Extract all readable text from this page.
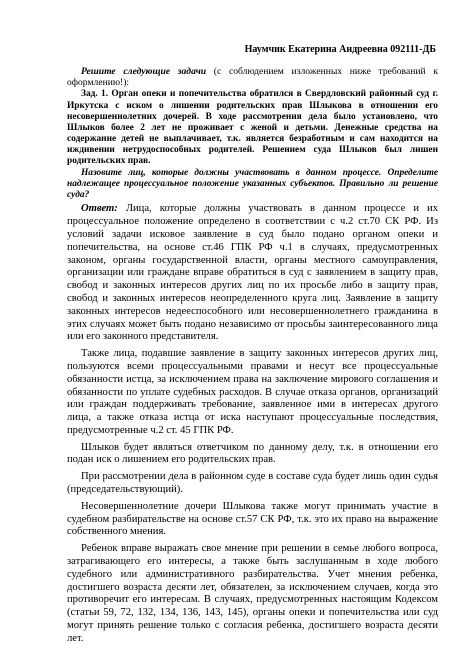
Наумчик Екатерина Андреевна 092111-ДБ

Решите следующие задачи (с соблюдением изложенных ниже требований к оформлению!):

Зад. 1. Орган опеки и попечительства обратился в Свердловский районный суд г. Иркутска с иском о лишении родительских прав Шлыкова в отношении его несовершеннолетних дочерей. В ходе рассмотрения дела было установлено, что Шлыков более 2 лет не проживает с женой и детьми. Денежные средства на содержание детей не выплачивает, т.к. является безработным и сам находится на иждивении нетрудоспособных родителей. Решением суда Шлыков был лишен родительских прав.

Назовите лиц, которые должны участвовать в данном процессе. Определите надлежащее процессуальное положение указанных субъектов. Правильно ли решение суда?

Ответ: Лица, которые должны участвовать в данном процессе и их процессуальное положение определено в соответствии с ч.2 ст.70 СК РФ. Из условий задачи исковое заявление в суд было подано органом опеки и попечительства, на основе ст.46 ГПК РФ ч.1 в случаях, предусмотренных законом, органы государственной власти, органы местного самоуправления, организации или граждане вправе обратиться в суд с заявлением в защиту прав, свобод и законных интересов других лиц по их просьбе либо в защиту прав, свобод и законных интересов неопределенного круга лиц. Заявление в защиту законных интересов недееспособного или несовершеннолетнего гражданина в этих случаях может быть подано независимо от просьбы заинтересованного лица или его законного представителя.

Также лица, подавшие заявление в защиту законных интересов других лиц, пользуются всеми процессуальными правами и несут все процессуальные обязанности истца, за исключением права на заключение мирового соглашения и обязанности по уплате судебных расходов. В случае отказа органов, организаций или граждан поддерживать требование, заявленное ими в интересах другого лица, а также отказа истца от иска наступают процессуальные последствия, предусмотренные ч.2 ст. 45 ГПК РФ.

Шлыков будет являться ответчиком по данному делу, т.к. в отношении его подан иск о лишением его родительских прав.

При рассмотрении дела в районном суде в составе суда будет лишь один судья (председательствующий).

Несовершеннолетние дочери Шлыкова также могут принимать участие в судебном разбирательстве на основе ст.57 СК РФ, т.к. это их право на выражение собственного мнения.

Ребенок вправе выражать свое мнение при решении в семье любого вопроса, затрагивающего его интересы, а также быть заслушанным в ходе любого судебного или административного разбирательства. Учет мнения ребенка, достигшего возраста десяти лет, обязателен, за исключением случаев, когда это противоречит его интересам. В случаях, предусмотренных настоящим Кодексом (статьи 59, 72, 132, 134, 136, 143, 145), органы опеки и попечительства или суд могут принять решение только с согласия ребенка, достигшего возраста десяти лет.
